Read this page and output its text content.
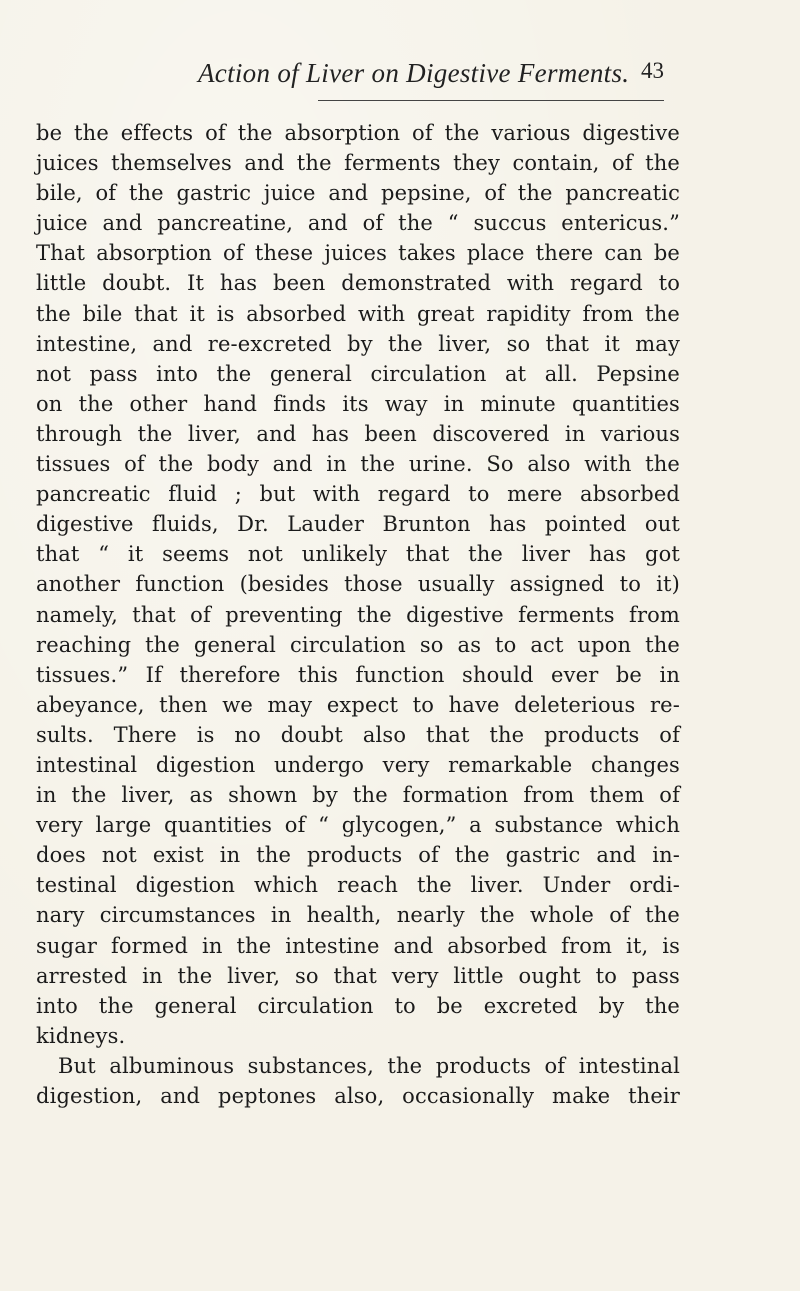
Action of Liver on Digestive Ferments. 43
be the effects of the absorption of the various digestive
juices themselves and the ferments they contain, of the
bile, of the gastric juice and pepsine, of the pancreatic
juice and pancreatine, and of the “ succus entericus.”
That absorption of these juices takes place there can be
little doubt. It has been demonstrated with regard to
the bile that it is absorbed with great rapidity from the
intestine, and re-excreted by the liver, so that it may
not pass into the general circulation at all. Pepsine
on the other hand finds its way in minute quantities
through the liver, and has been discovered in various
tissues of the body and in the urine. So also with the
pancreatic fluid ; but with regard to mere absorbed
digestive fluids, Dr. Lauder Brunton has pointed out
that “ it seems not unlikely that the liver has got
another function (besides those usually assigned to it)
namely, that of preventing the digestive ferments from
reaching the general circulation so as to act upon the
tissues.” If therefore this function should ever be in
abeyance, then we may expect to have deleterious re-
sults. There is no doubt also that the products of
intestinal digestion undergo very remarkable changes
in the liver, as shown by the formation from them of
very large quantities of “ glycogen,” a substance which
does not exist in the products of the gastric and in-
testinal digestion which reach the liver. Under ordi-
nary circumstances in health, nearly the whole of the
sugar formed in the intestine and absorbed from it, is
arrested in the liver, so that very little ought to pass
into the general circulation to be excreted by the
kidneys.
But albuminous substances, the products of intestinal
digestion, and peptones also, occasionally make their
